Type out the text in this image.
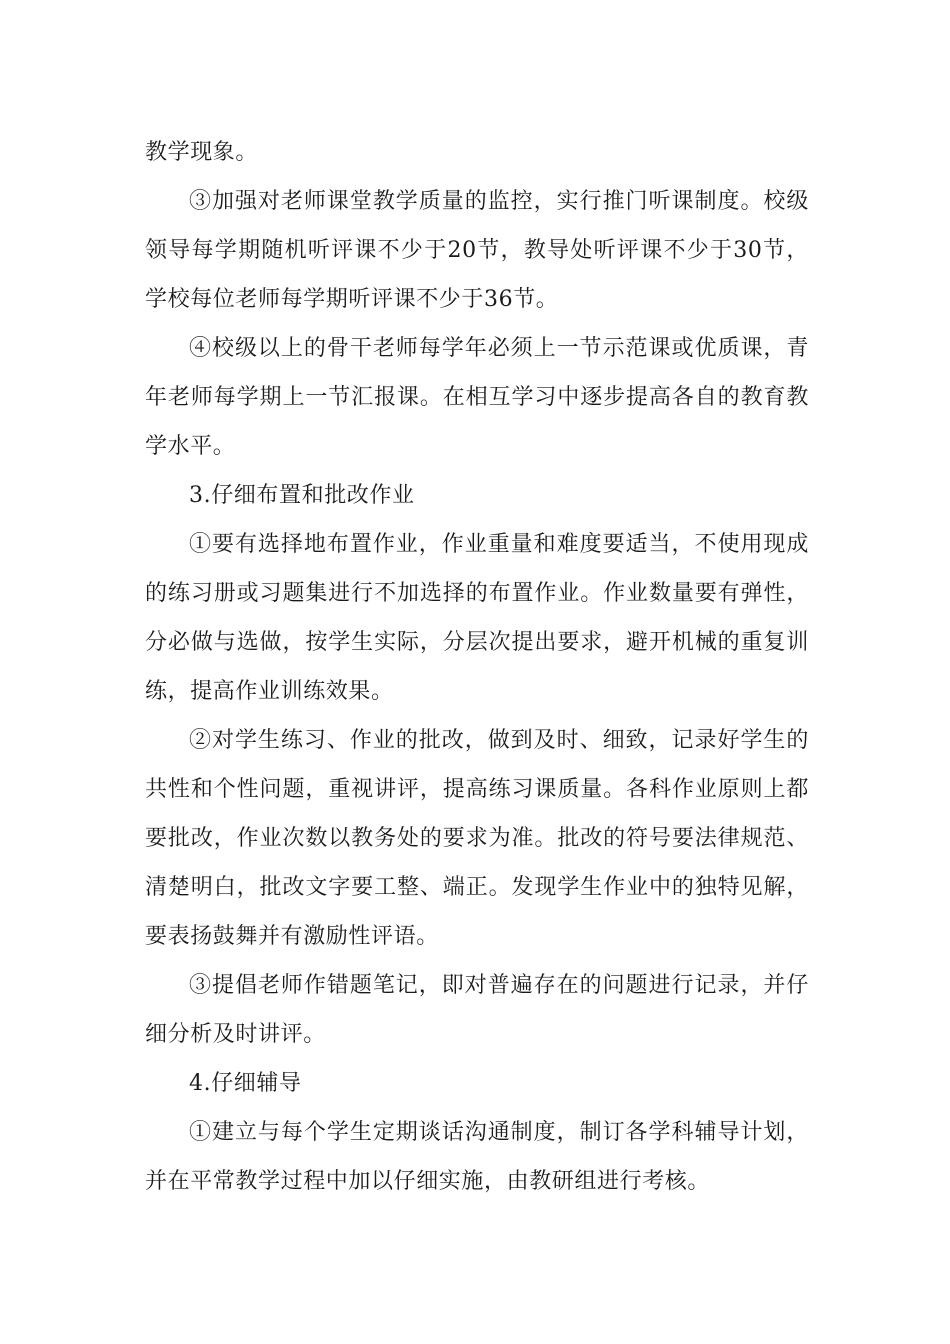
教学现象。

③加强对老师课堂教学质量的监控，实行推门听课制度。校级领导每学期随机听评课不少于20节，教导处听评课不少于30节，学校每位老师每学期听评课不少于36节。

④校级以上的骨干老师每学年必须上一节示范课或优质课，青年老师每学期上一节汇报课。在相互学习中逐步提高各自的教育教学水平。

3.仔细布置和批改作业

①要有选择地布置作业，作业重量和难度要适当，不使用现成的练习册或习题集进行不加选择的布置作业。作业数量要有弹性，分必做与选做，按学生实际，分层次提出要求，避开机械的重复训练，提高作业训练效果。

②对学生练习、作业的批改，做到及时、细致，记录好学生的共性和个性问题，重视讲评，提高练习课质量。各科作业原则上都要批改，作业次数以教务处的要求为准。批改的符号要法律规范、清楚明白，批改文字要工整、端正。发现学生作业中的独特见解，要表扬鼓舞并有激励性评语。

③提倡老师作错题笔记，即对普遍存在的问题进行记录，并仔细分析及时讲评。

4.仔细辅导

①建立与每个学生定期谈话沟通制度，制订各学科辅导计划，并在平常教学过程中加以仔细实施，由教研组进行考核。
